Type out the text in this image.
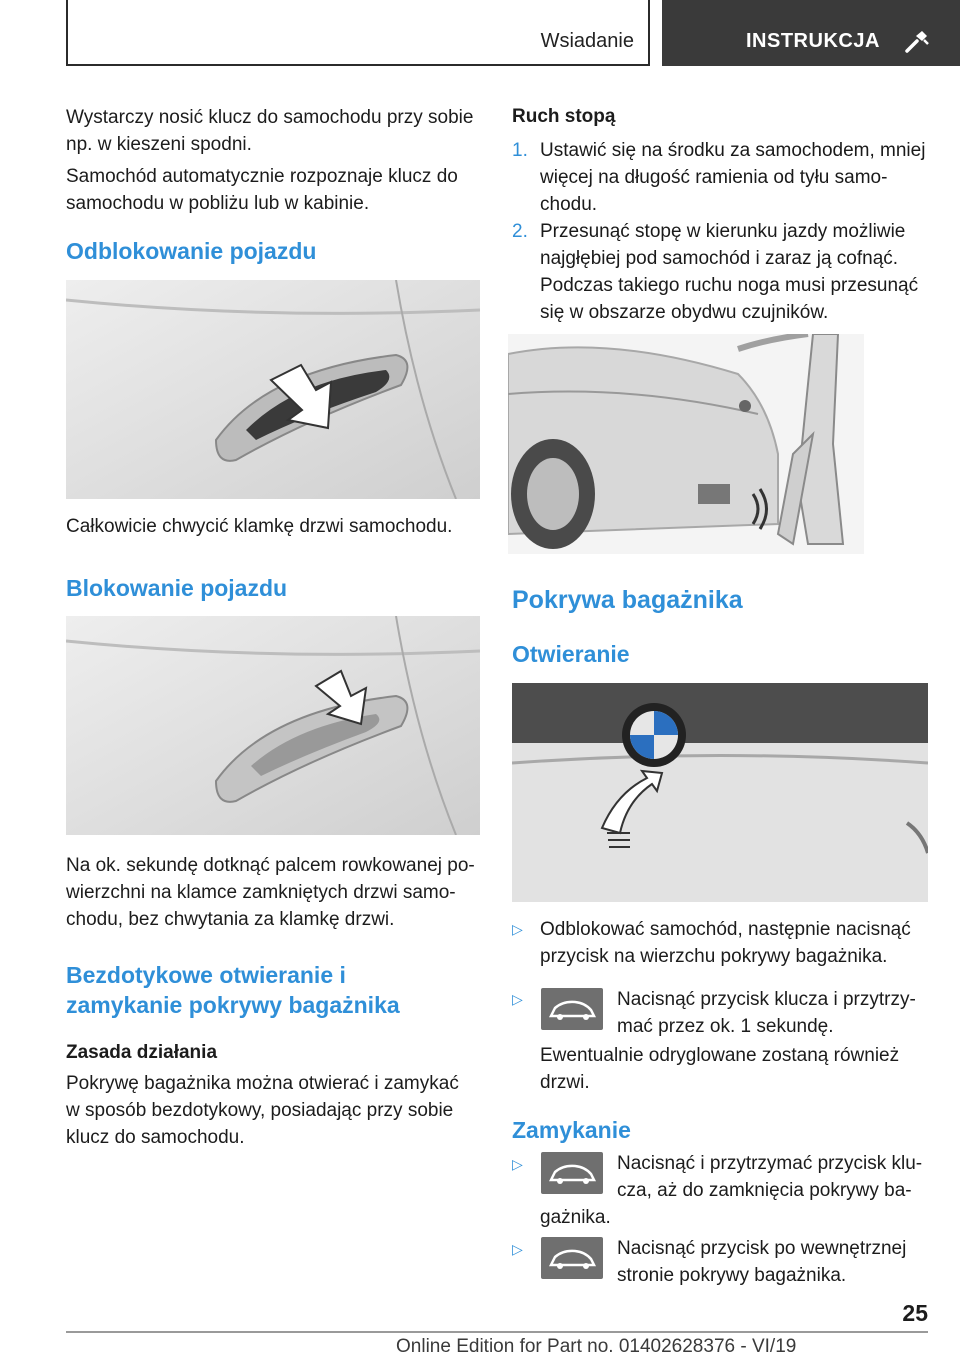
Wsiadanie	INSTRUKCJA
Wystarczy nosić klucz do samochodu przy sobie
np. w kieszeni spodni.
Samochód automatycznie rozpoznaje klucz do
samochodu w pobliżu lub w kabinie.
Odblokowanie pojazdu
Całkowicie chwycić klamkę drzwi samochodu.
Blokowanie pojazdu
Na ok. sekundę dotknąć palcem rowkowanej po-
wierzchni na klamce zamkniętych drzwi samo-
chodu, bez chwytania za klamkę drzwi.
Bezdotykowe otwieranie i
zamykanie pokrywy bagażnika
Zasada działania
Pokrywę bagażnika można otwierać i zamykać
w sposób bezdotykowy, posiadając przy sobie
klucz do samochodu.
Ruch stopą
1. Ustawić się na środku za samochodem, mniej
więcej na długość ramienia od tyłu samo-
chodu.
2. Przesunąć stopę w kierunku jazdy możliwie
najgłębiej pod samochód i zaraz ją cofnąć.
Podczas takiego ruchu noga musi przesunąć
się w obszarze obydwu czujników.
Pokrywa bagażnika
Otwieranie
▷ Odblokować samochód, następnie nacisnąć
przycisk na wierzchu pokrywy bagażnika.
▷	Nacisnąć przycisk klucza i przytrzy-
mać przez ok. 1 sekundę.
Ewentualnie odryglowane zostaną również
drzwi.
Zamykanie
▷	Nacisnąć i przytrzymać przycisk klu-
cza, aż do zamknięcia pokrywy ba-
gażnika.
▷	Nacisnąć przycisk po wewnętrznej
stronie pokrywy bagażnika.
25
Online Edition for Part no. 01402628376 - VI/19
